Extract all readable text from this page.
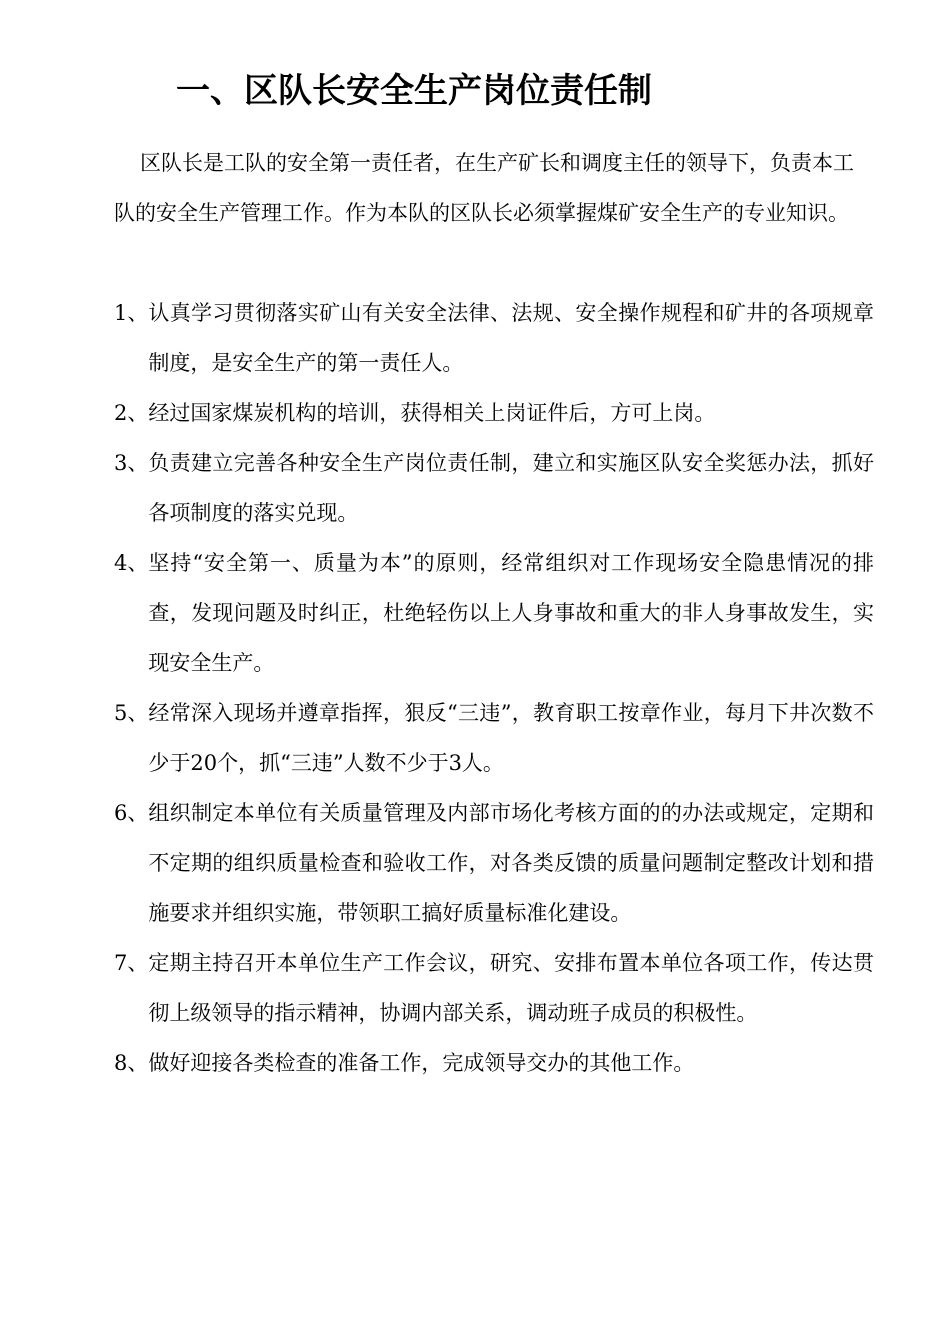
一、区队长安全生产岗位责任制

区队长是工队的安全第一责任者，在生产矿长和调度主任的领导下，负责本工队的安全生产管理工作。作为本队的区队长必须掌握煤矿安全生产的专业知识。

1、 认真学习贯彻落实矿山有关安全法律、法规、安全操作规程和矿井的各项规章制度，是安全生产的第一责任人。
2、 经过国家煤炭机构的培训，获得相关上岗证件后，方可上岗。
3、 负责建立完善各种安全生产岗位责任制，建立和实施区队安全奖惩办法，抓好各项制度的落实兑现。
4、 坚持“安全第一、质量为本”的原则，经常组织对工作现场安全隐患情况的排查，发现问题及时纠正，杜绝轻伤以上人身事故和重大的非人身事故发生，实现安全生产。
5、 经常深入现场并遵章指挥，狠反“三违”，教育职工按章作业，每月下井次数不少于20个，抓“三违”人数不少于3人。
6、 组织制定本单位有关质量管理及内部市场化考核方面的的办法或规定，定期和不定期的组织质量检查和验收工作，对各类反馈的质量问题制定整改计划和措施要求并组织实施，带领职工搞好质量标准化建设。
7、 定期主持召开本单位生产工作会议，研究、安排布置本单位各项工作，传达贯彻上级领导的指示精神，协调内部关系，调动班子成员的积极性。
8、 做好迎接各类检查的准备工作，完成领导交办的其他工作。
